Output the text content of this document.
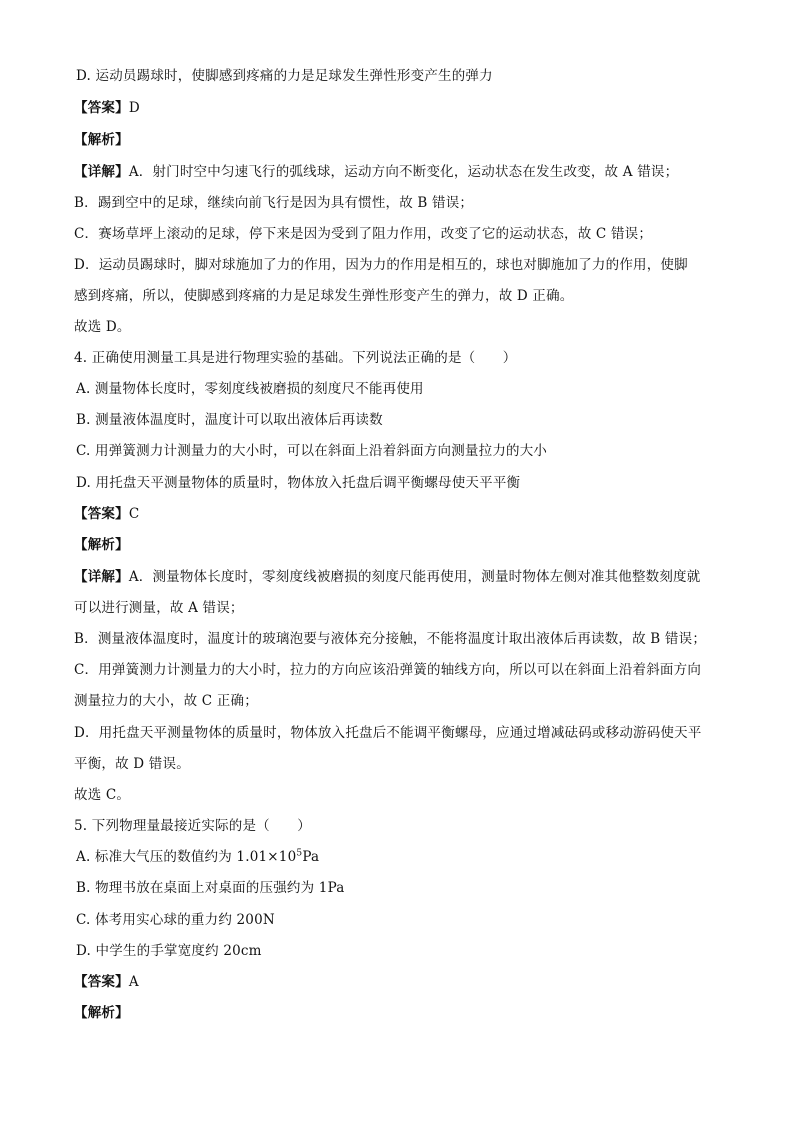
D. 运动员踢球时，使脚感到疼痛的力是足球发生弹性形变产生的弹力
【答案】D
【解析】
【详解】A．射门时空中匀速飞行的弧线球，运动方向不断变化，运动状态在发生改变，故 A 错误；
B．踢到空中的足球，继续向前飞行是因为具有惯性，故 B 错误；
C．赛场草坪上滚动的足球，停下来是因为受到了阻力作用，改变了它的运动状态，故 C 错误；
D．运动员踢球时，脚对球施加了力的作用，因为力的作用是相互的，球也对脚施加了力的作用，使脚
感到疼痛，所以，使脚感到疼痛的力是足球发生弹性形变产生的弹力，故 D 正确。
故选 D。
4. 正确使用测量工具是进行物理实验的基础。下列说法正确的是（　　）
A. 测量物体长度时，零刻度线被磨损的刻度尺不能再使用
B. 测量液体温度时，温度计可以取出液体后再读数
C. 用弹簧测力计测量力的大小时，可以在斜面上沿着斜面方向测量拉力的大小
D. 用托盘天平测量物体的质量时，物体放入托盘后调平衡螺母使天平平衡
【答案】C
【解析】
【详解】A．测量物体长度时，零刻度线被磨损的刻度尺能再使用，测量时物体左侧对准其他整数刻度就
可以进行测量，故 A 错误；
B．测量液体温度时，温度计的玻璃泡要与液体充分接触，不能将温度计取出液体后再读数，故 B 错误；
C．用弹簧测力计测量力的大小时，拉力的方向应该沿弹簧的轴线方向，所以可以在斜面上沿着斜面方向
测量拉力的大小，故 C 正确；
D．用托盘天平测量物体的质量时，物体放入托盘后不能调平衡螺母，应通过增减砝码或移动游码使天平
平衡，故 D 错误。
故选 C。
5. 下列物理量最接近实际的是（　　）
A. 标准大气压的数值约为 $1.01\times 10^5Pa$
B. 物理书放在桌面上对桌面的压强约为 1Pa
C. 体考用实心球的重力约 200N
D. 中学生的手掌宽度约 20cm
【答案】A
【解析】
